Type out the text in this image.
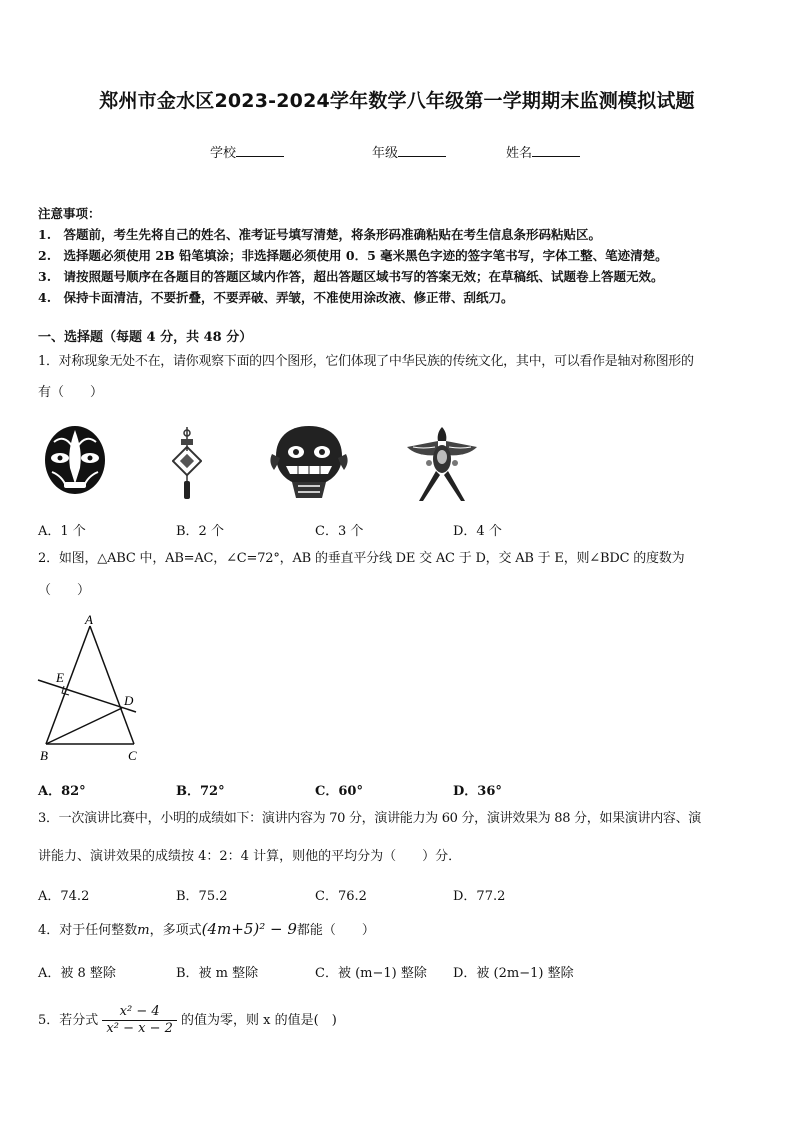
郑州市金水区2023-2024学年数学八年级第一学期期末监测模拟试题
学校	年级	姓名
注意事项：
1.　答题前，考生先将自己的姓名、准考证号填写清楚，将条形码准确粘贴在考生信息条形码粘贴区。
2.　选择题必须使用 2B 铅笔填涂；非选择题必须使用 0．5 毫米黑色字迹的签字笔书写，字体工整、笔迹清楚。
3.　请按照题号顺序在各题目的答题区域内作答，超出答题区域书写的答案无效；在草稿纸、试题卷上答题无效。
4.　保持卡面清洁，不要折叠，不要弄破、弄皱，不准使用涂改液、修正带、刮纸刀。
一、选择题（每题 4 分，共 48 分）
1．对称现象无处不在，请你观察下面的四个图形，它们体现了中华民族的传统文化，其中，可以看作是轴对称图形的
有（　　）
A．1 个	B．2 个	C．3 个	D．4 个
2．如图，△ABC 中，AB=AC，∠C=72°，AB 的垂直平分线 DE 交 AC 于 D，交 AB 于 E，则∠BDC 的度数为
（　　）
A
E
D
B	C
A．82°	B．72°	C．60°	D．36°
3．一次演讲比赛中，小明的成绩如下：演讲内容为 70 分，演讲能力为 60 分，演讲效果为 88 分，如果演讲内容、演
讲能力、演讲效果的成绩按 4：2：4 计算，则他的平均分为（　　）分．
A．74.2	B．75.2	C．76.2	D．77.2
4．对于任何整数m，多项式(4m+5)² − 9都能（　　）
A．被 8 整除	B．被 m 整除	C．被 (m−1) 整除 D．被 (2m−1) 整除
5．若分式 $\frac{\text{x² − 4}}{\text{x² − x − 2}}$ 的值为零，则 x 的值是(　)
